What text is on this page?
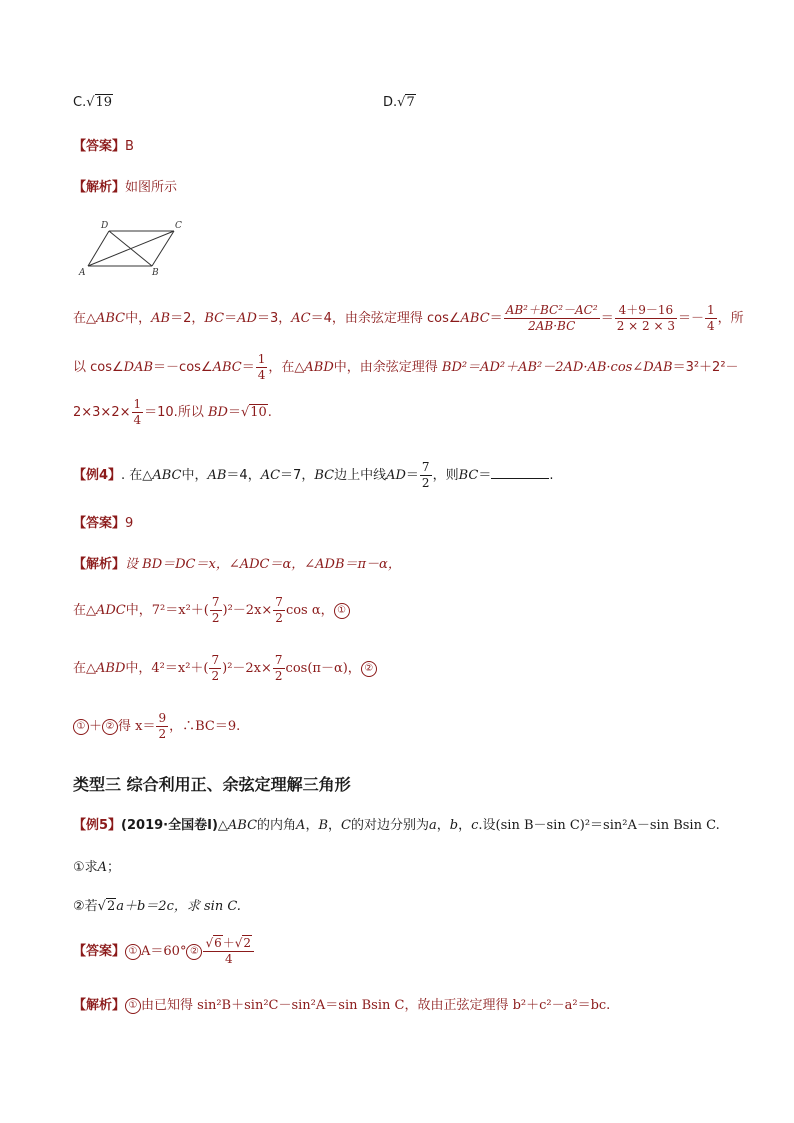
C.√19	D.√7
【答案】B
【解析】如图所示
D	C
A	B
在△ABC中，AB＝2，BC＝AD＝3，AC＝4，由余弦定理得 cos∠ABC＝ $\frac{\text{AB²＋BC²－AC²}}{2AB\cdot BC} = \frac{4+9-16}{2 \times 2 \times 3} =- \frac{1}{4}$ ，所
以 cos∠DAB＝－cos∠ABC＝ $\frac{1}{4}$ ，在△ABD中，由余弦定理得 BD²＝AD²＋AB²－2AD·AB·cos∠DAB＝3²＋2²－
$2\times 3\times 2\times \frac{1}{4} =10$.所以 BD＝√10.
【例4】. 在△ABC中，AB＝4，AC＝7，BC边上中线$AD= \frac{7}{2}$ ，则BC＝	.
【答案】9
【解析】设 BD＝DC＝x，∠ADC＝α，∠ADB＝π－α，
在△ADC中，$7^2=x^2+( \frac{7}{2} )^2-2x\times \frac{7}{2}$ cos α， ①
在△ABD中，$4^2=x^2+( \frac{7}{2} )^2-2x\times \frac{7}{2} \cos(\pi-\alpha)$， ②
① ＋ ② 得 $x= \frac{9}{2}$ ，∴BC＝9.
类型三 综合利用正、余弦定理解三角形
【例5】(2019·全国卷Ⅰ)△ABC的内角A，B，C的对边分别为a，b，c.设(sin B－sin C)²＝sin²A－sin Bsin C.
①求A；
②若√2a＋b＝2c，求 sin C.
【答案】 ① A＝60° ② $\frac{√6+√2}{4}$
【解析】 ① 由已知得 sin²B＋sin²C－sin²A＝sin Bsin C，故由正弦定理得 b²＋c²－a²＝bc.
